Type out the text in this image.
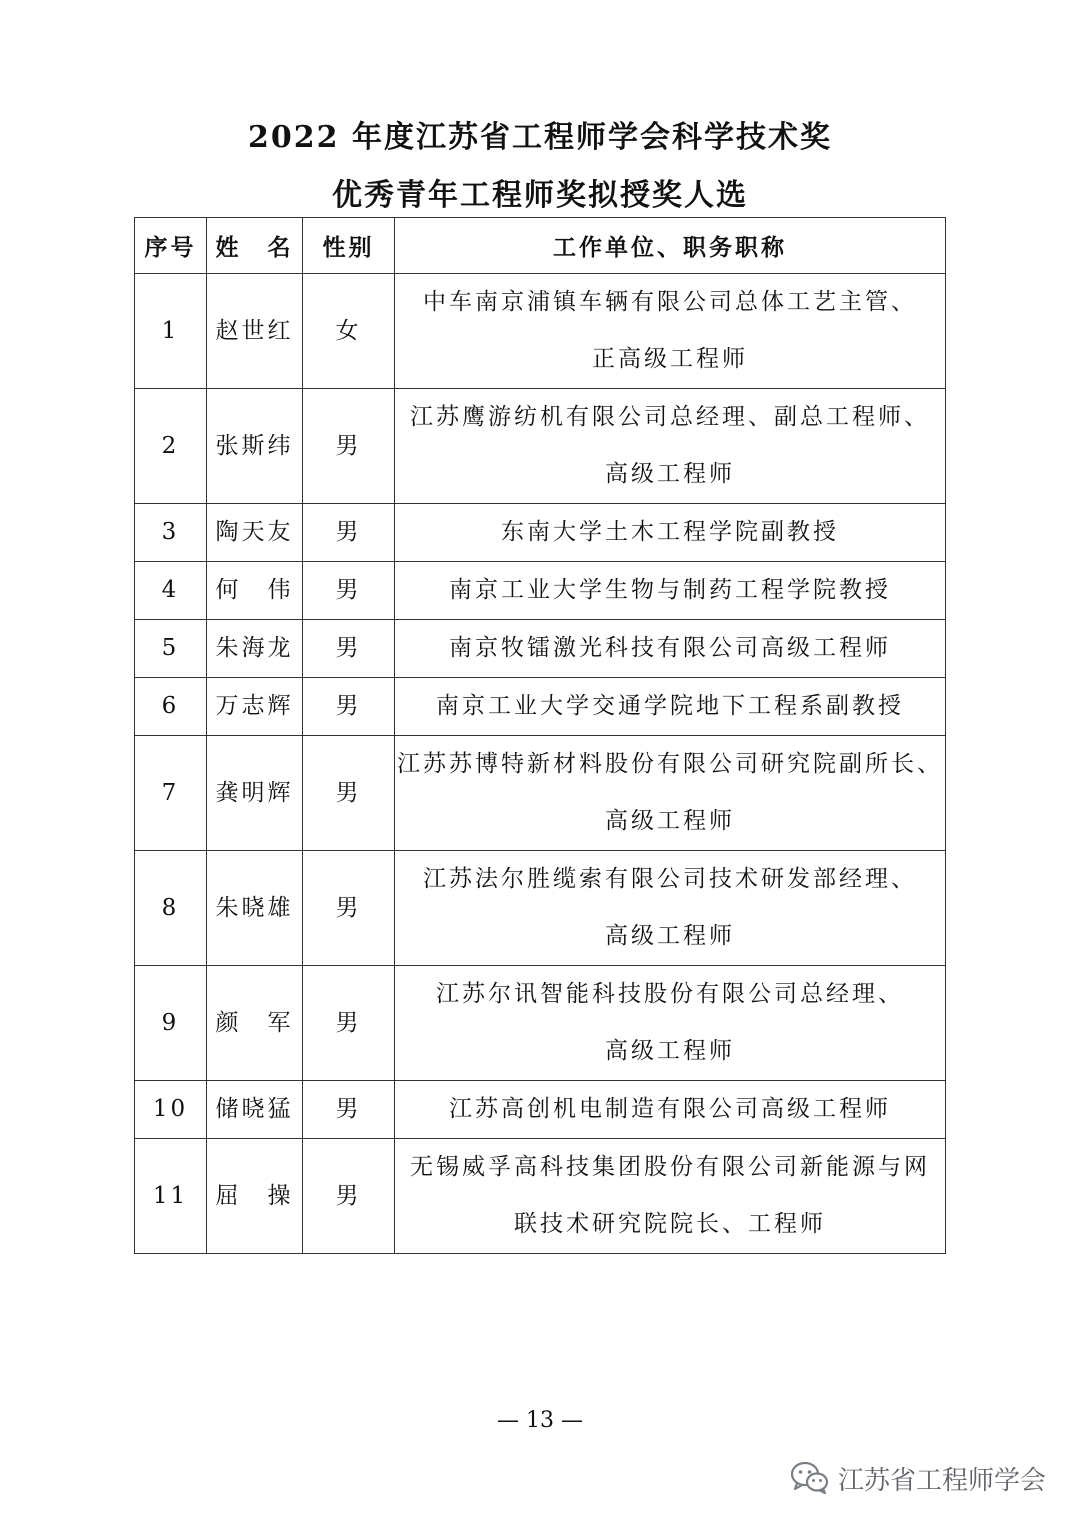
2022 年度江苏省工程师学会科学技术奖
优秀青年工程师奖拟授奖人选
序号	姓　名	性别	工作单位、职务职称
1	赵世红	女	中车南京浦镇车辆有限公司总体工艺主管、
正高级工程师

2	张斯纬	男	江苏鹰游纺机有限公司总经理、副总工程师、
高级工程师

3	陶天友	男	东南大学土木工程学院副教授

4	何　伟	男	南京工业大学生物与制药工程学院教授

5	朱海龙	男	南京牧镭激光科技有限公司高级工程师

6	万志辉	男	南京工业大学交通学院地下工程系副教授

7	龚明辉	男	江苏苏博特新材料股份有限公司研究院副所长、
高级工程师

8	朱晓雄	男	江苏法尔胜缆索有限公司技术研发部经理、
高级工程师

9	颜　军	男	江苏尔讯智能科技股份有限公司总经理、
高级工程师

10	储晓猛	男	江苏高创机电制造有限公司高级工程师

11	屈　操	男	无锡威孚高科技集团股份有限公司新能源与网
联技术研究院院长、工程师

— 13 —

江苏省工程师学会
